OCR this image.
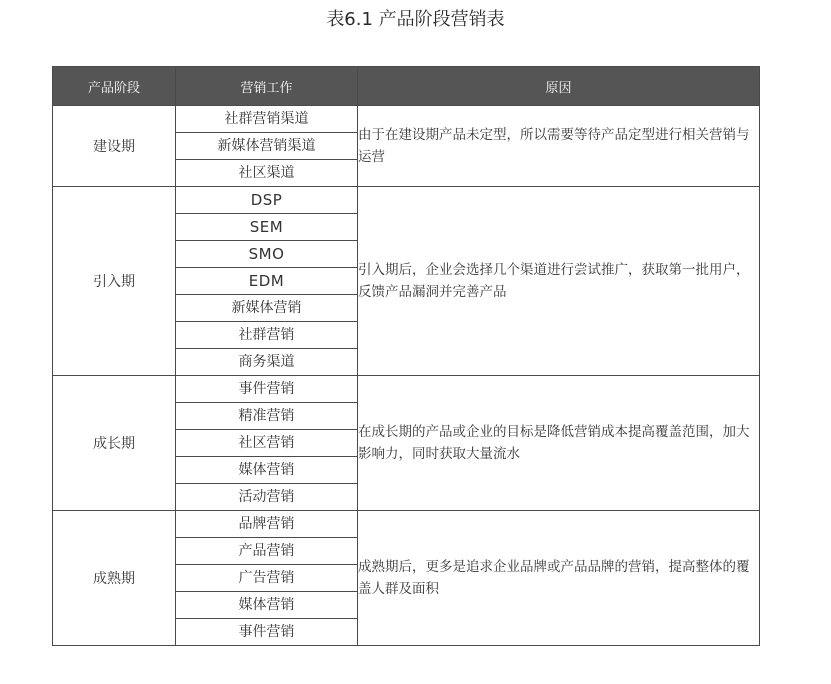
表6.1 产品阶段营销表
产品阶段	营销工作	原因
建设期	社群营销渠道	由于在建设期产品未定型，所以需要等待产品定型进行相关营销与运营
	新媒体营销渠道	
	社区渠道	
引入期	DSP	引入期后，企业会选择几个渠道进行尝试推广，获取第一批用户，反馈产品漏洞并完善产品
	SEM	
	SMO	
	EDM	
	新媒体营销	
	社群营销	
	商务渠道	
成长期	事件营销	在成长期的产品或企业的目标是降低营销成本提高覆盖范围，加大影响力，同时获取大量流水
	精准营销	
	社区营销	
	媒体营销	
	活动营销	
成熟期	品牌营销	成熟期后，更多是追求企业品牌或产品品牌的营销，提高整体的覆盖人群及面积
	产品营销	
	广告营销	
	媒体营销	
	事件营销	
